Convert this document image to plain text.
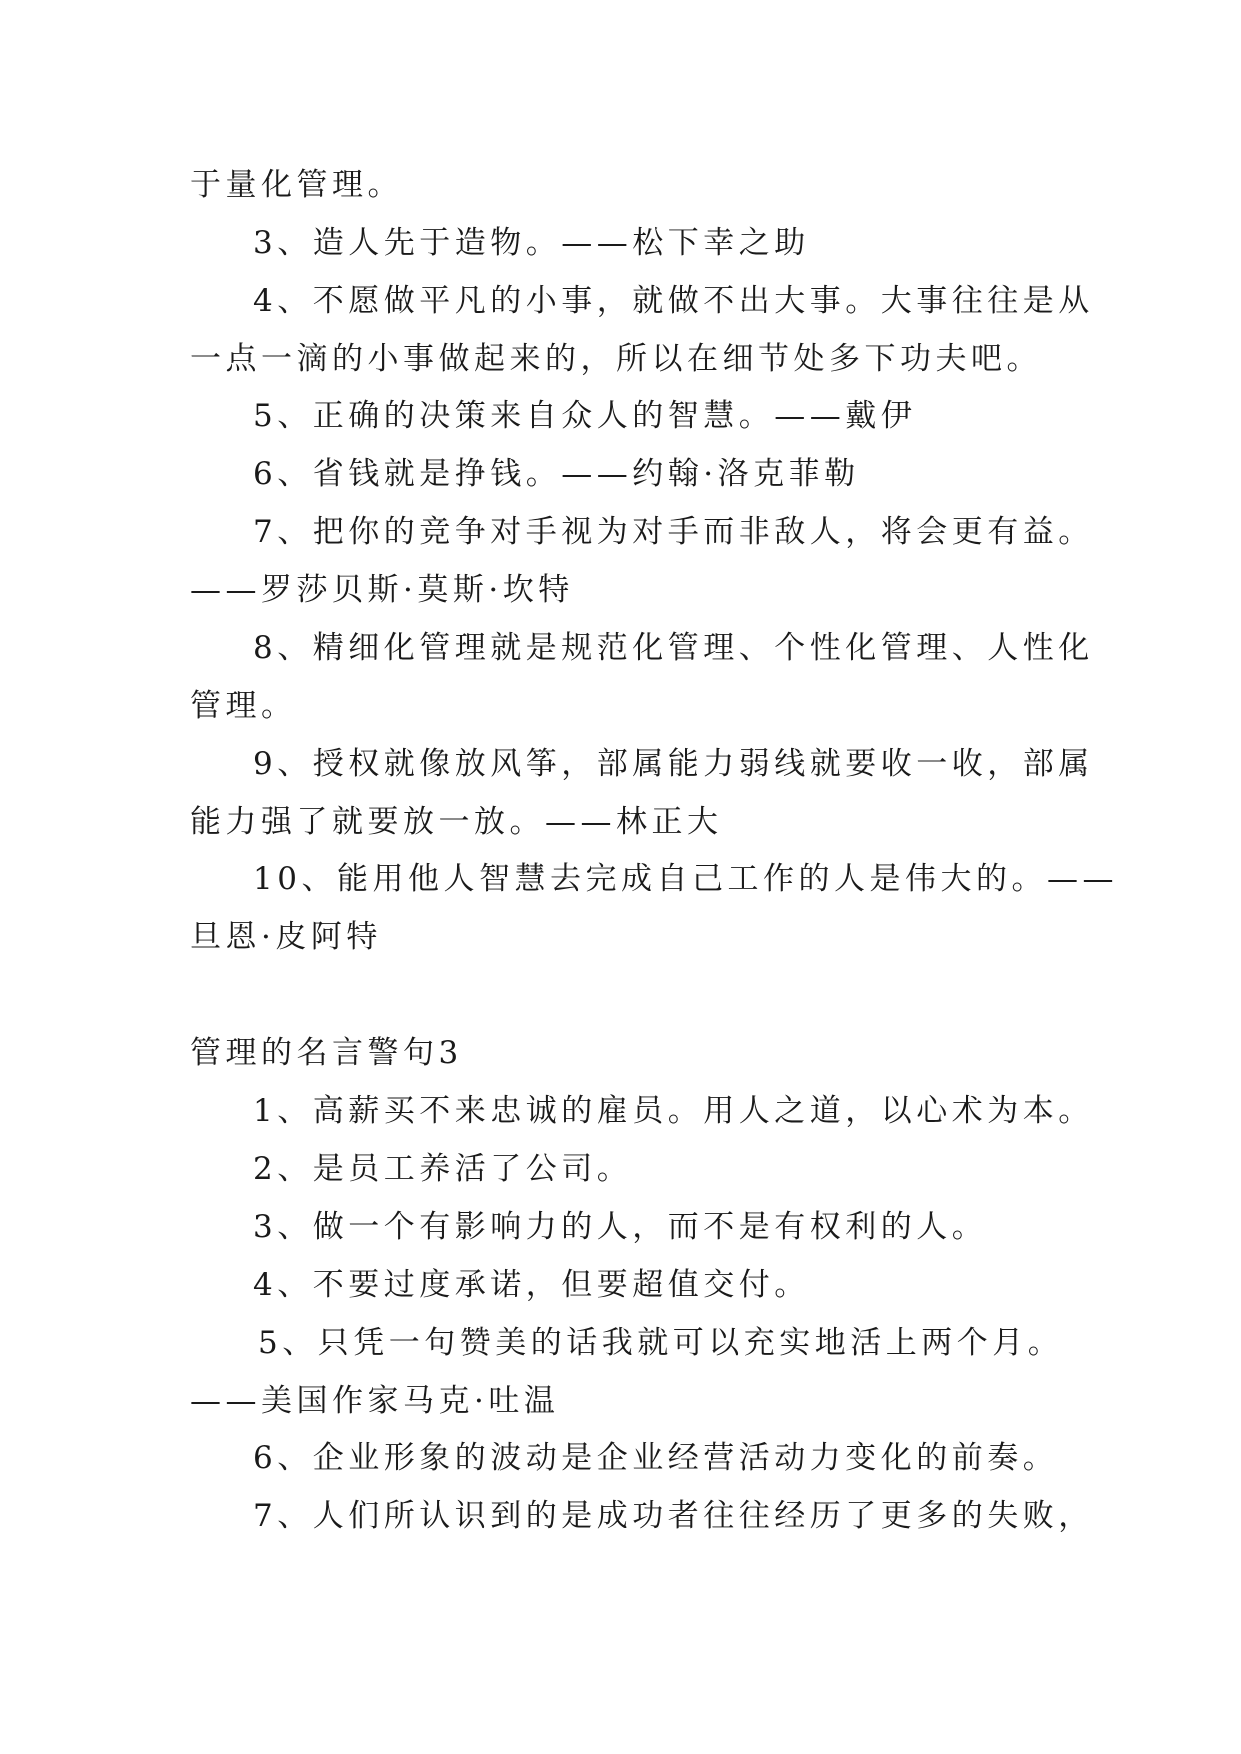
于量化管理。
3、造人先于造物。——松下幸之助
4、不愿做平凡的小事，就做不出大事。大事往往是从
一点一滴的小事做起来的，所以在细节处多下功夫吧。
5、正确的决策来自众人的智慧。——戴伊
6、省钱就是挣钱。——约翰·洛克菲勒
7、把你的竞争对手视为对手而非敌人，将会更有益。
——罗莎贝斯·莫斯·坎特
8、精细化管理就是规范化管理、个性化管理、人性化
管理。
9、授权就像放风筝，部属能力弱线就要收一收，部属
能力强了就要放一放。——林正大
10、能用他人智慧去完成自己工作的人是伟大的。——
旦恩·皮阿特
管理的名言警句3
1、高薪买不来忠诚的雇员。用人之道，以心术为本。
2、是员工养活了公司。
3、做一个有影响力的人，而不是有权利的人。
4、不要过度承诺，但要超值交付。
5、只凭一句赞美的话我就可以充实地活上两个月。
——美国作家马克·吐温
6、企业形象的波动是企业经营活动力变化的前奏。
7、人们所认识到的是成功者往往经历了更多的失败，
